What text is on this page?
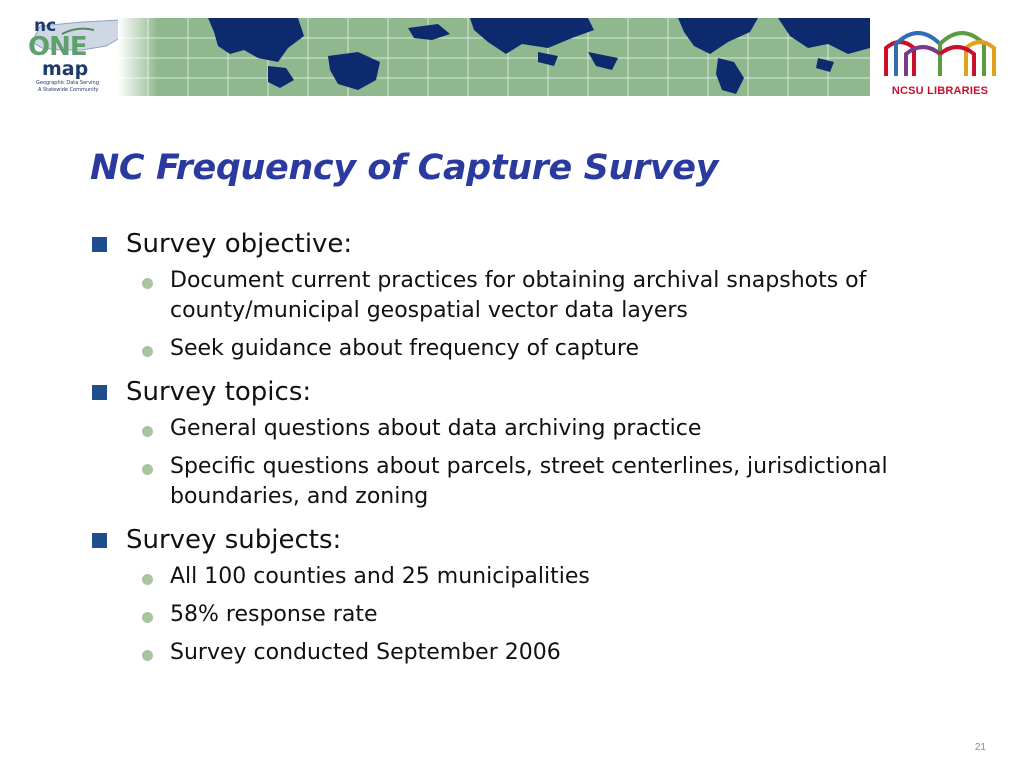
nc
ONE
map
Geographic Data Serving
A Statewide Community	NCSU LIBRARIES
NC Frequency of Capture Survey
Survey objective:
Document current practices for obtaining archival snapshots of county/municipal geospatial vector data layers
Seek guidance about frequency of capture
Survey topics:
General questions about data archiving practice
Specific questions about parcels, street centerlines, jurisdictional boundaries, and zoning
Survey subjects:
All 100 counties and 25 municipalities
58% response rate
Survey conducted September 2006
21
